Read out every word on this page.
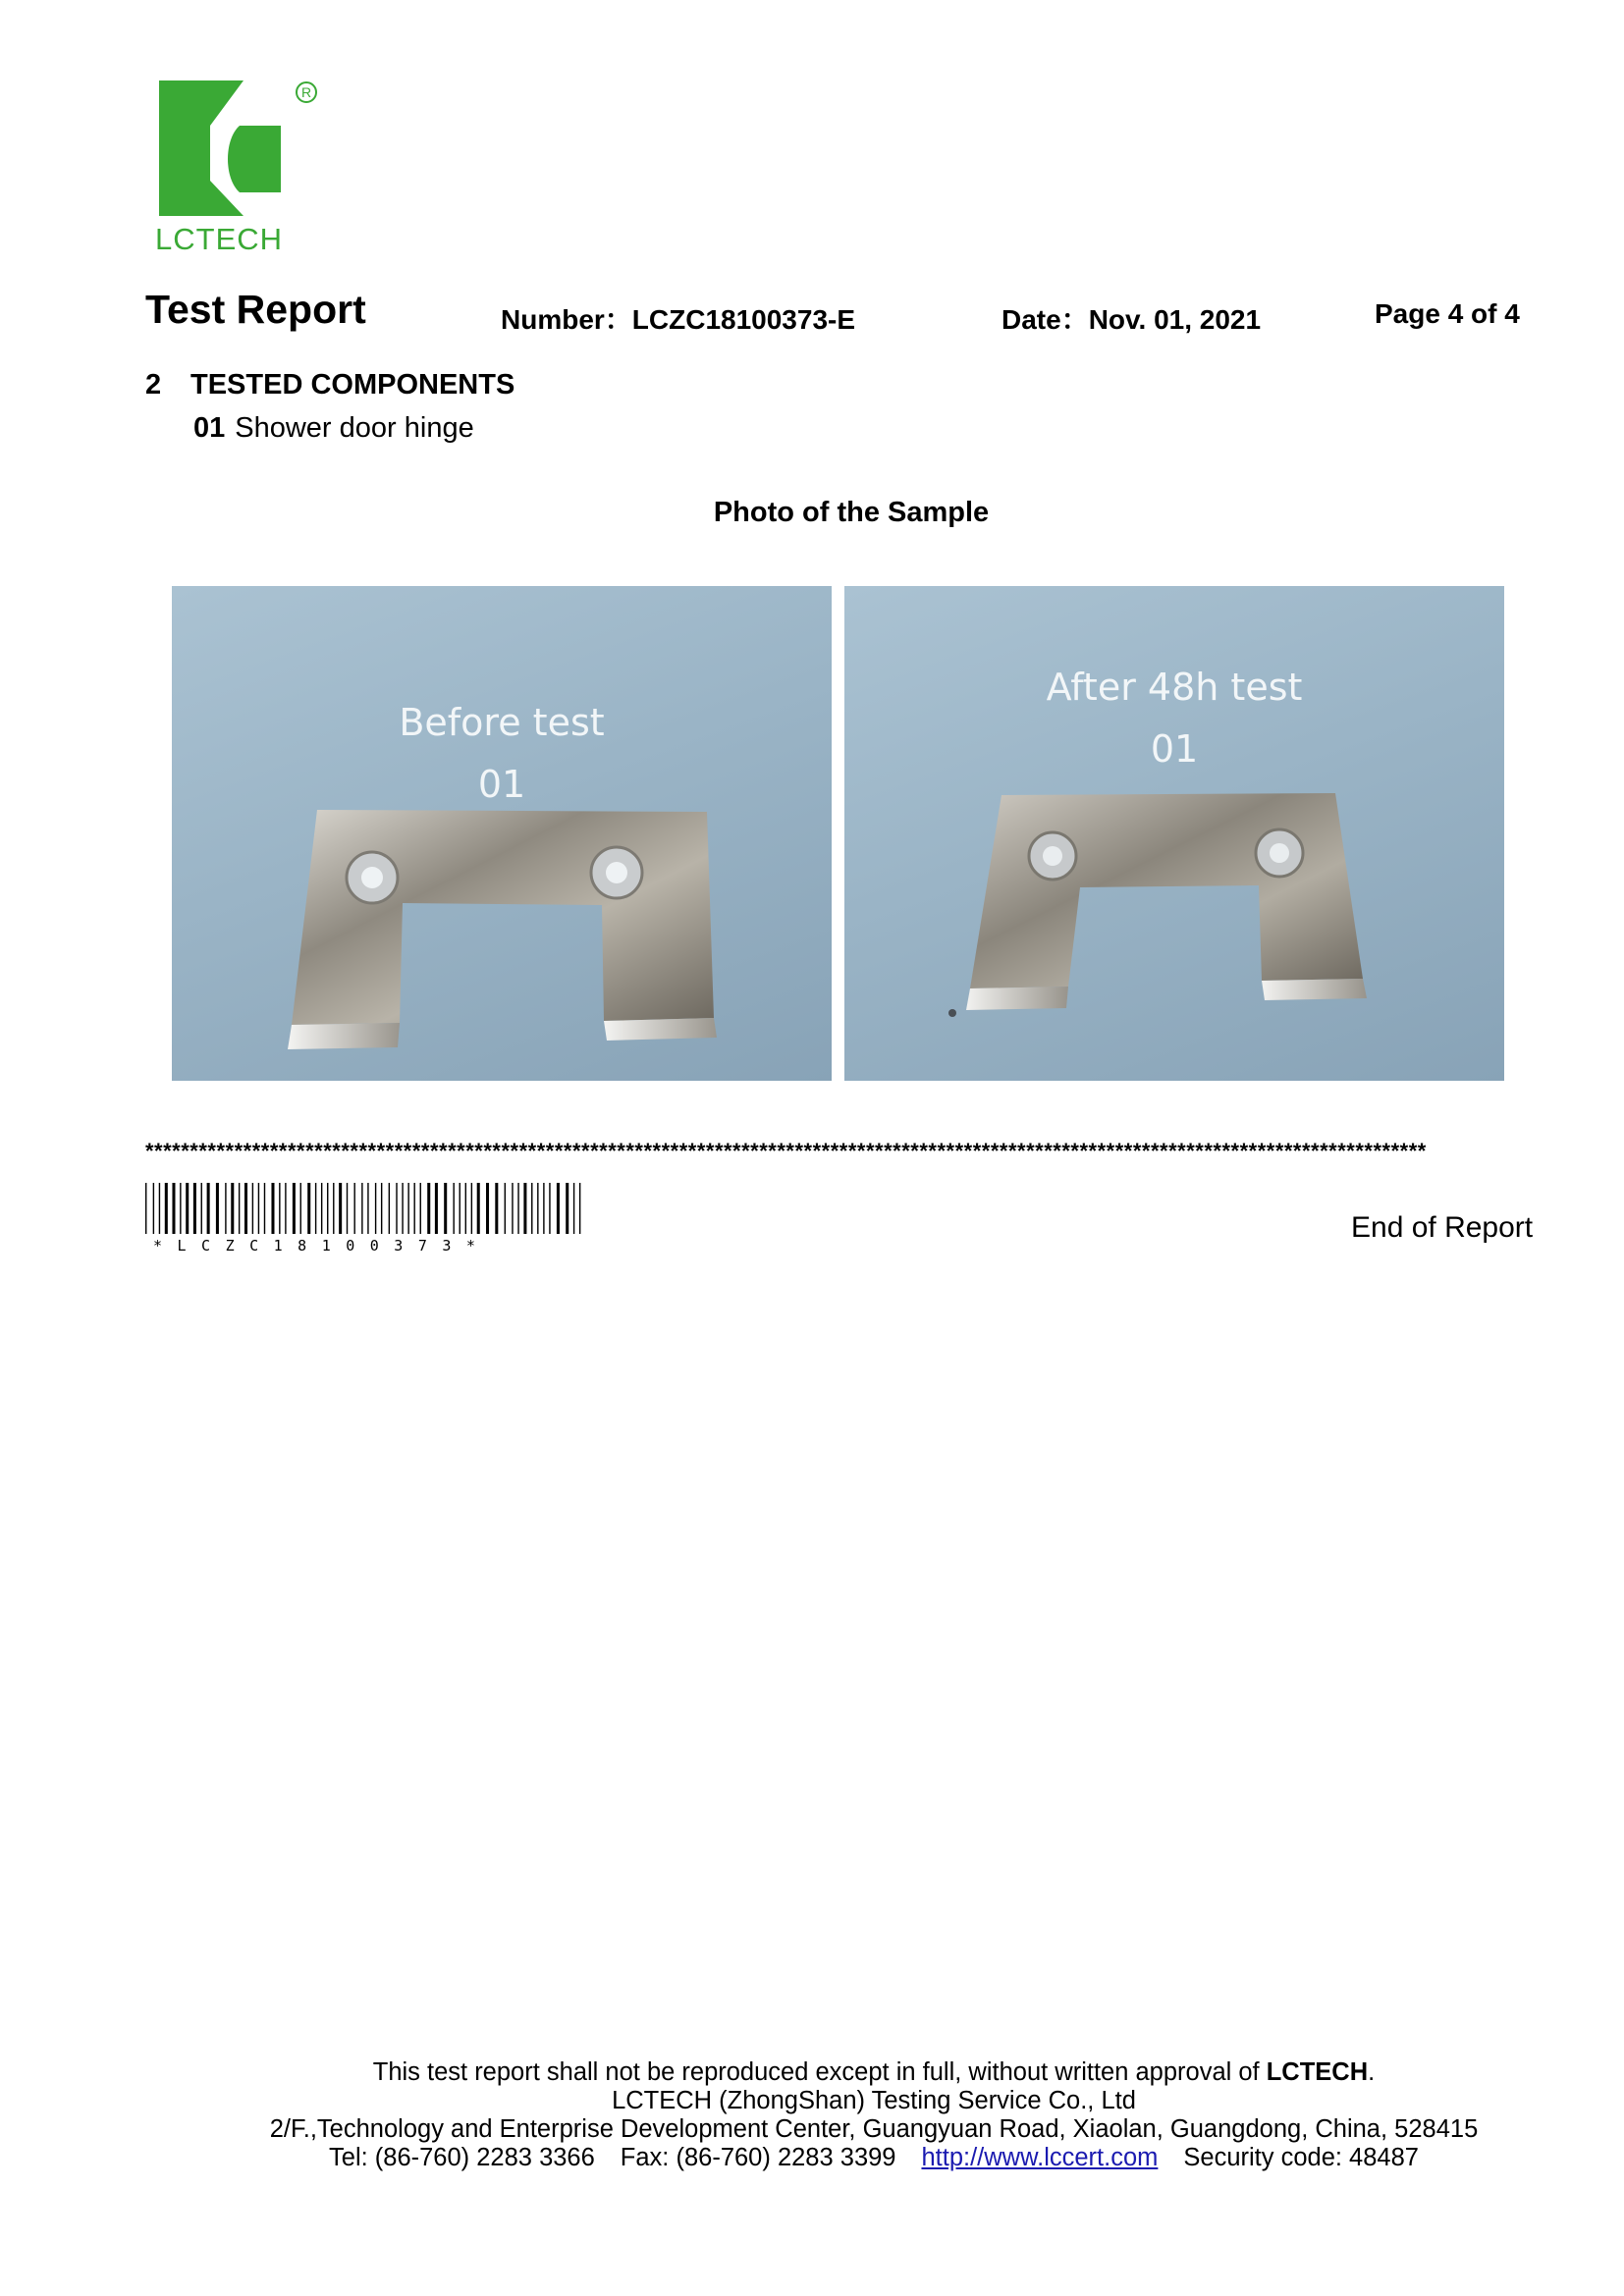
R
LCTECH
Test Report	Number：LCZC18100373-E	Date：Nov. 01, 2021	Page 4 of 4
2 TESTED COMPONENTS
01 Shower door hinge
Photo of the Sample
Before test
01
After 48h test
01
************************************************************************************************************************************************
*LCZC18100373*
End of Report
This test report shall not be reproduced except in full, without written approval of LCTECH.
LCTECH (ZhongShan) Testing Service Co., Ltd
2/F.,Technology and Enterprise Development Center, Guangyuan Road, Xiaolan, Guangdong, China, 528415
Tel: (86-760) 2283 3366 Fax: (86-760) 2283 3399 http://www.lccert.com Security code: 48487
